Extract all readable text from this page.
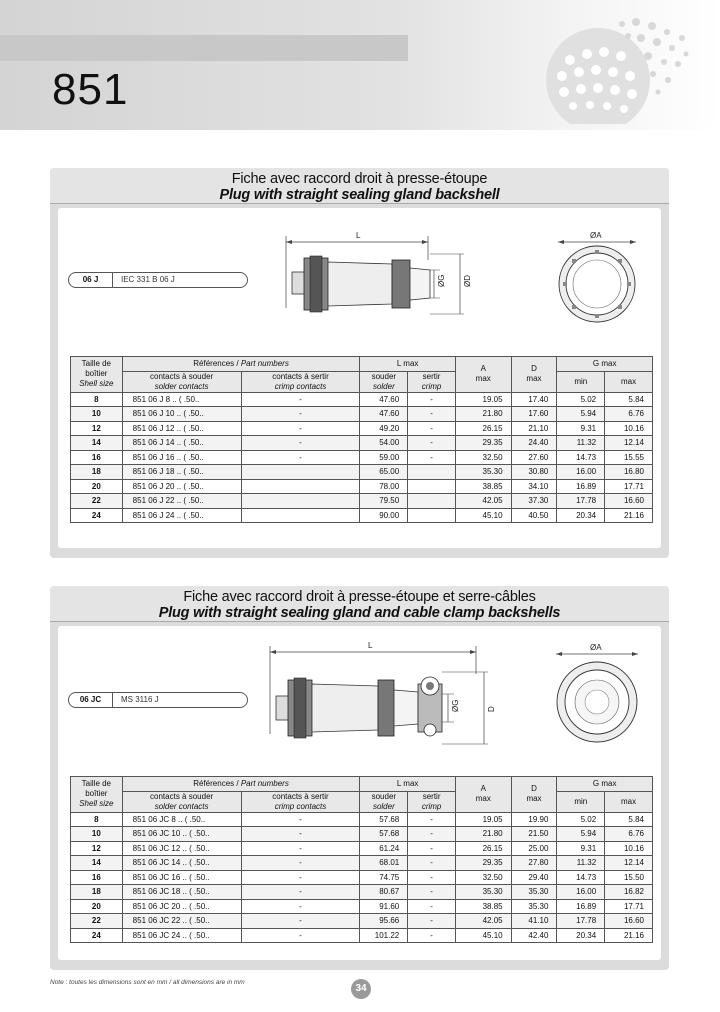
851
Fiche avec raccord droit à presse-étoupe
Plug with straight sealing gland backshell
06 J	IEC 331 B 06 J
L
ØG ØD
ØA
Taille de
boîtier
Shell size	Références / Part numbers		L max		A
max	D
max	G max	
	contacts à souder
solder contacts	contacts à sertir
crimp contacts	souder
solder	sertir
crimp			min	max
8	851 06 J 8 .. ( .50..	-	47.60	-	19.05	17.40	5.02	5.84
10	851 06 J 10 .. ( .50..	-	47.60	-	21.80	17.60	5.94	6.76
12	851 06 J 12 .. ( .50..	-	49.20	-	26.15	21.10	9.31	10.16
14	851 06 J 14 .. ( .50..	-	54.00	-	29.35	24.40	11.32	12.14
16	851 06 J 16 .. ( .50..	-	59.00	-	32.50	27.60	14.73	15.55
18	851 06 J 18 .. ( .50..		65.00		35.30	30.80	16.00	16.80
20	851 06 J 20 .. ( .50..		78.00		38.85	34.10	16.89	17.71
22	851 06 J 22 .. ( .50..		79.50		42.05	37.30	17.78	16.60
24	851 06 J 24 .. ( .50..		90.00		45.10	40.50	20.34	21.16
Fiche avec raccord droit à presse-étoupe et serre-câbles
Plug with straight sealing gland and cable clamp backshells
06 JC	MS 3116 J
L
ØG	D
ØA
Taille de
boîtier
Shell size	Références / Part numbers		L max		A
max	D
max	G max	
	contacts à souder
solder contacts	contacts à sertir
crimp contacts	souder
solder	sertir
crimp			min	max
8	851 06 JC 8 .. ( .50..	-	57.68	-	19.05	19.90	5.02	5.84
10	851 06 JC 10 .. ( .50..	-	57.68	-	21.80	21.50	5.94	6.76
12	851 06 JC 12 .. ( .50..	-	61.24	-	26.15	25.00	9.31	10.16
14	851 06 JC 14 .. ( .50..	-	68.01	-	29.35	27.80	11.32	12.14
16	851 06 JC 16 .. ( .50..	-	74.75	-	32.50	29.40	14.73	15.50
18	851 06 JC 18 .. ( .50..	-	80.67	-	35.30	35.30	16.00	16.82
20	851 06 JC 20 .. ( .50..	-	91.60	-	38.85	35.30	16.89	17.71
22	851 06 JC 22 .. ( .50..	-	95.66	-	42.05	41.10	17.78	16.60
24	851 06 JC 24 .. ( .50..	-	101.22	-	45.10	42.40	20.34	21.16
Note : toutes les dimensions sont en mm / all dimensions are in mm
34
